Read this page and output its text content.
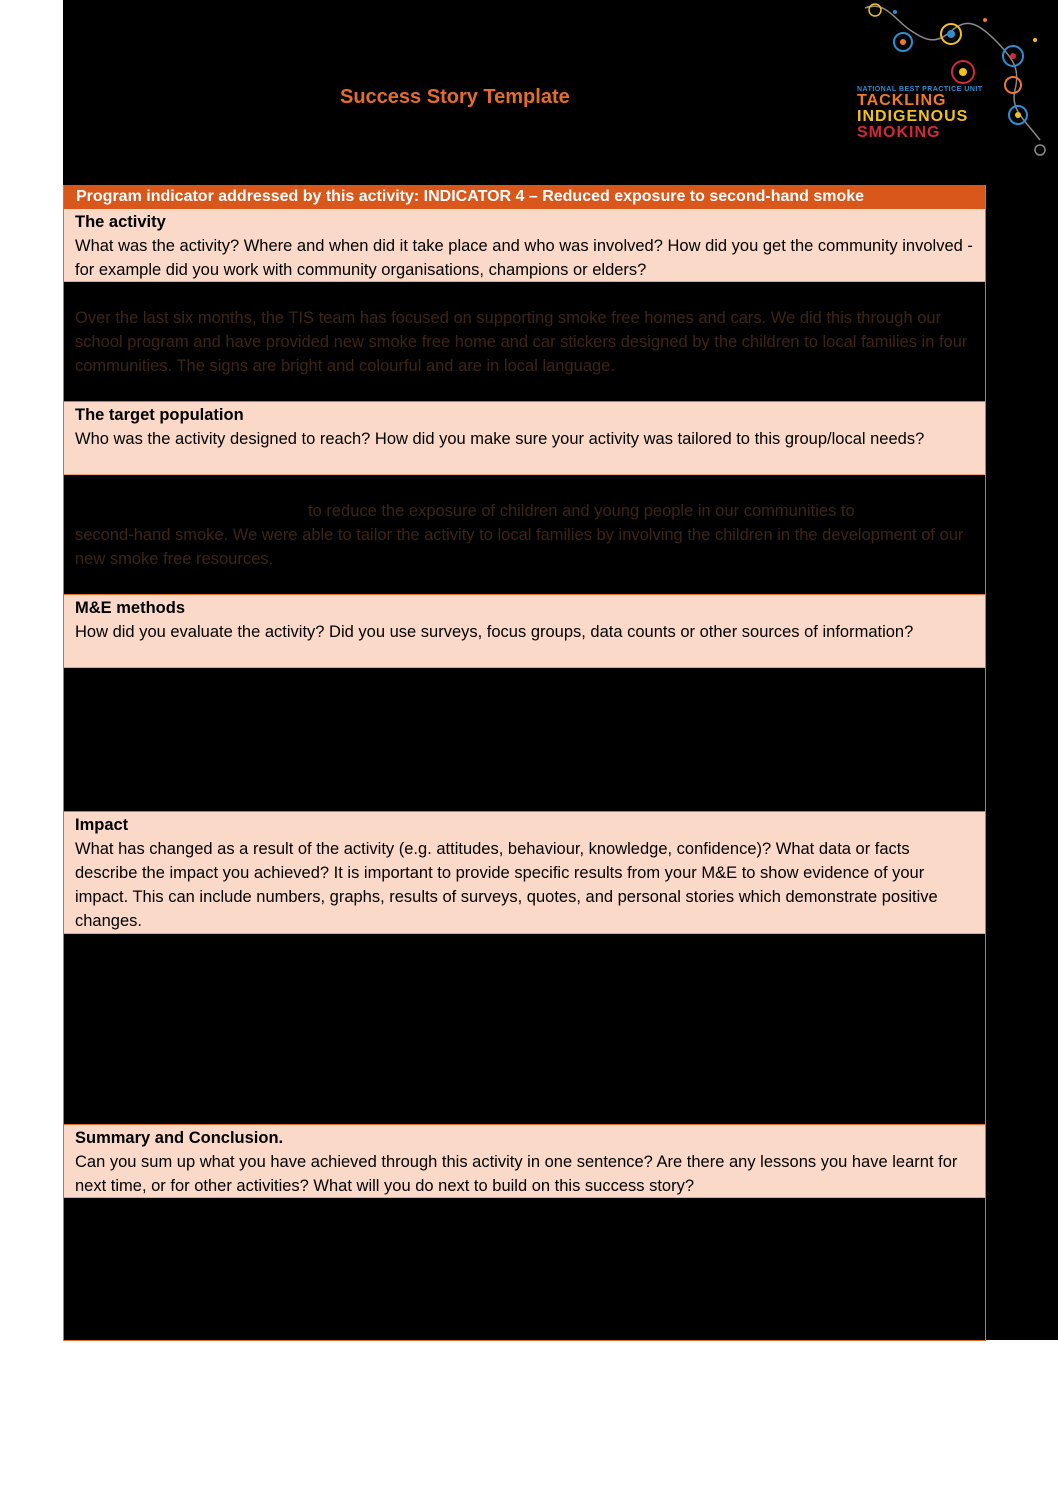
Success Story Template	NATIONAL BEST PRACTICE UNIT
TACKLING
INDIGENOUS
SMOKING
Program indicator addressed by this activity: INDICATOR 4 – Reduced exposure to second-hand smoke
The activity
What was the activity? Where and when did it take place and who was involved? How did you get the community involved - for example did you work with community organisations, champions or elders?
Over the last six months, the TIS team has focused on supporting smoke free homes and cars. We did this through our school program and have provided new smoke free home and car stickers designed by the children to local families in four communities. The signs are bright and colourful and are in local language.
The target population
Who was the activity designed to reach? How did you make sure your activity was tailored to this group/local needs?
to reduce the exposure of children and young people in our communities to
second-hand smoke. We were able to tailor the activity to local families by involving the children in the development of our new smoke free resources.
M&E methods
How did you evaluate the activity? Did you use surveys, focus groups, data counts or other sources of information?
Impact
What has changed as a result of the activity (e.g. attitudes, behaviour, knowledge, confidence)? What data or facts describe the impact you achieved? It is important to provide specific results from your M&E to show evidence of your impact. This can include numbers, graphs, results of surveys, quotes, and personal stories which demonstrate positive changes.
Summary and Conclusion.
Can you sum up what you have achieved through this activity in one sentence? Are there any lessons you have learnt for next time, or for other activities? What will you do next to build on this success story?
